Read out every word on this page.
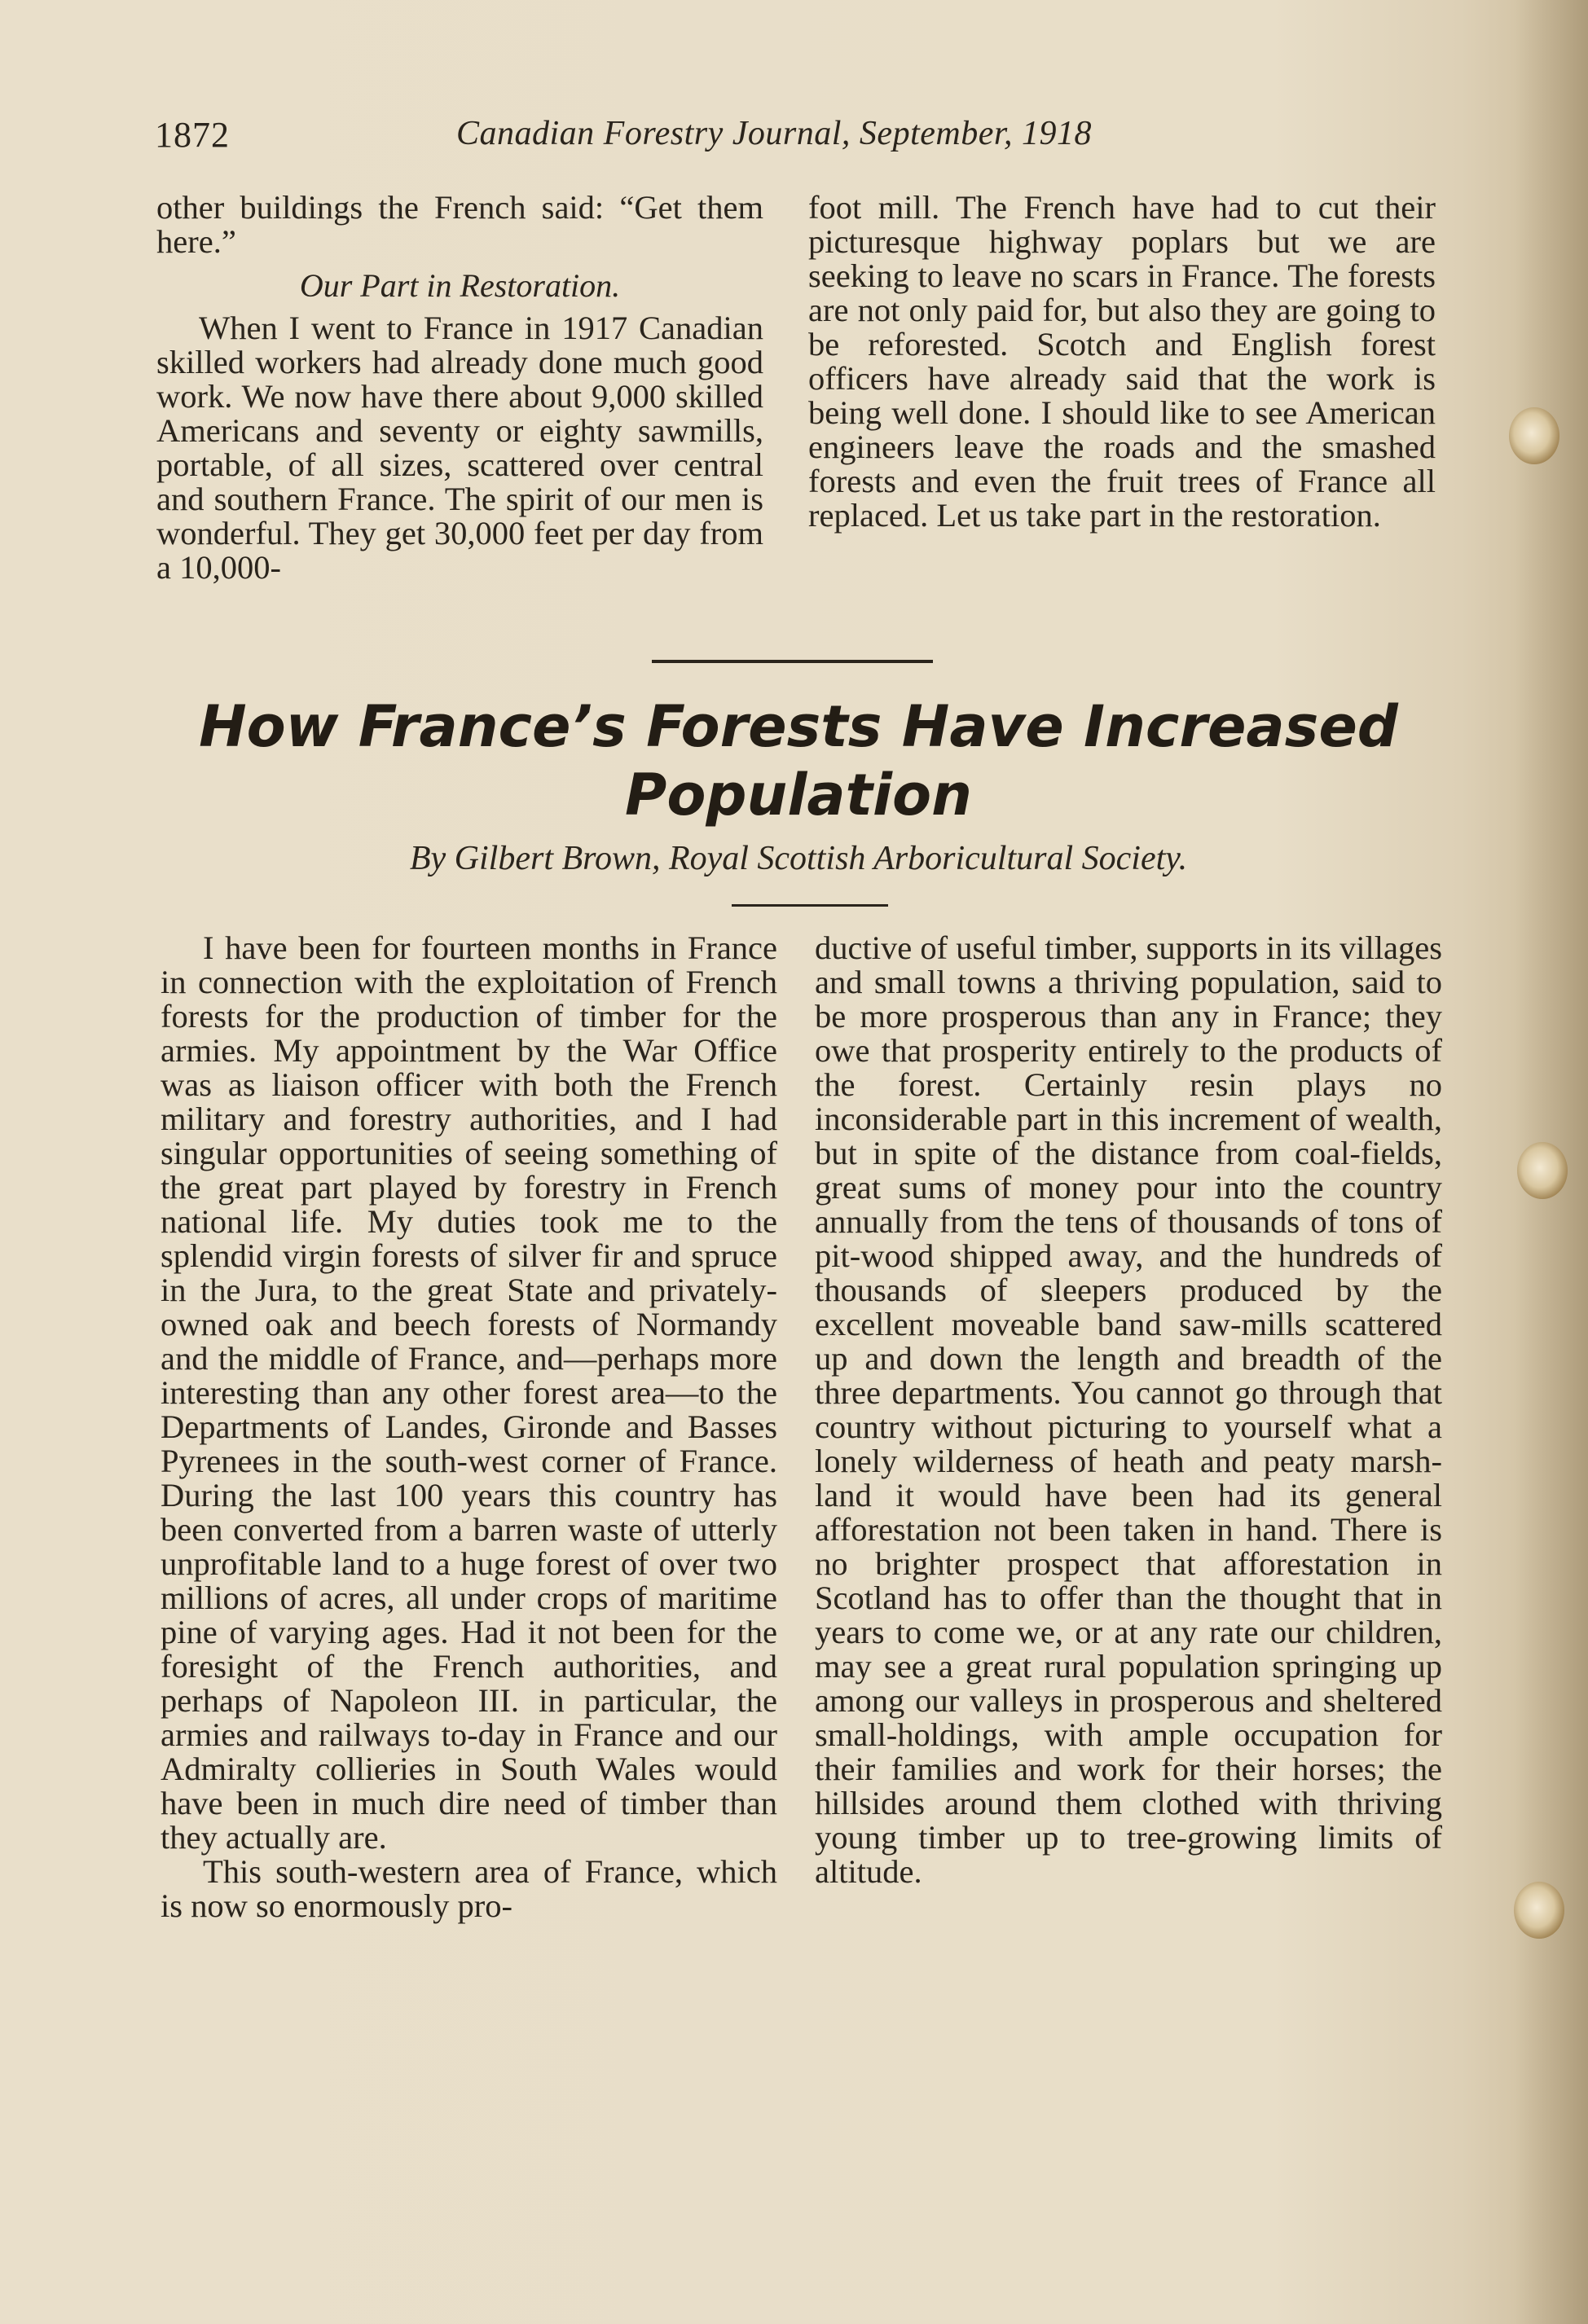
1872	Canadian Forestry Journal, September, 1918

other buildings the French said: “Get them here.”

Our Part in Restoration.

When I went to France in 1917 Canadian skilled workers had already done much good work. We now have there about 9,000 skilled Americans and seventy or eighty sawmills, portable, of all sizes, scattered over central and southern France. The spirit of our men is wonderful. They get 30,000 feet per day from a 10,000-

foot mill. The French have had to cut their picturesque highway poplars but we are seeking to leave no scars in France. The forests are not only paid for, but also they are going to be reforested. Scotch and English forest officers have already said that the work is being well done. I should like to see American engineers leave the roads and the smashed forests and even the fruit trees of France all replaced. Let us take part in the restoration.

How France’s Forests Have Increased
Population
By Gilbert Brown, Royal Scottish Arboricultural Society.

I have been for fourteen months in France in connection with the exploitation of French forests for the production of timber for the armies. My appointment by the War Office was as liaison officer with both the French military and forestry authorities, and I had singular opportunities of seeing something of the great part played by forestry in French national life. My duties took me to the splendid virgin forests of silver fir and spruce in the Jura, to the great State and privately-owned oak and beech forests of Normandy and the middle of France, and—perhaps more interesting than any other forest area—to the Departments of Landes, Gironde and Basses Pyrenees in the south-west corner of France. During the last 100 years this country has been converted from a barren waste of utterly unprofitable land to a huge forest of over two millions of acres, all under crops of maritime pine of varying ages. Had it not been for the foresight of the French authorities, and perhaps of Napoleon III. in particular, the armies and railways to-day in France and our Admiralty collieries in South Wales would have been in much dire need of timber than they actually are.

This south-western area of France, which is now so enormously pro-

ductive of useful timber, supports in its villages and small towns a thriving population, said to be more prosperous than any in France; they owe that prosperity entirely to the products of the forest. Certainly resin plays no inconsiderable part in this increment of wealth, but in spite of the distance from coal-fields, great sums of money pour into the country annually from the tens of thousands of tons of pit-wood shipped away, and the hundreds of thousands of sleepers produced by the excellent moveable band saw-mills scattered up and down the length and breadth of the three departments. You cannot go through that country without picturing to yourself what a lonely wilderness of heath and peaty marsh-land it would have been had its general afforestation not been taken in hand. There is no brighter prospect that afforestation in Scotland has to offer than the thought that in years to come we, or at any rate our children, may see a great rural population springing up among our valleys in prosperous and sheltered small-holdings, with ample occupation for their families and work for their horses; the hillsides around them clothed with thriving young timber up to tree-growing limits of altitude.
